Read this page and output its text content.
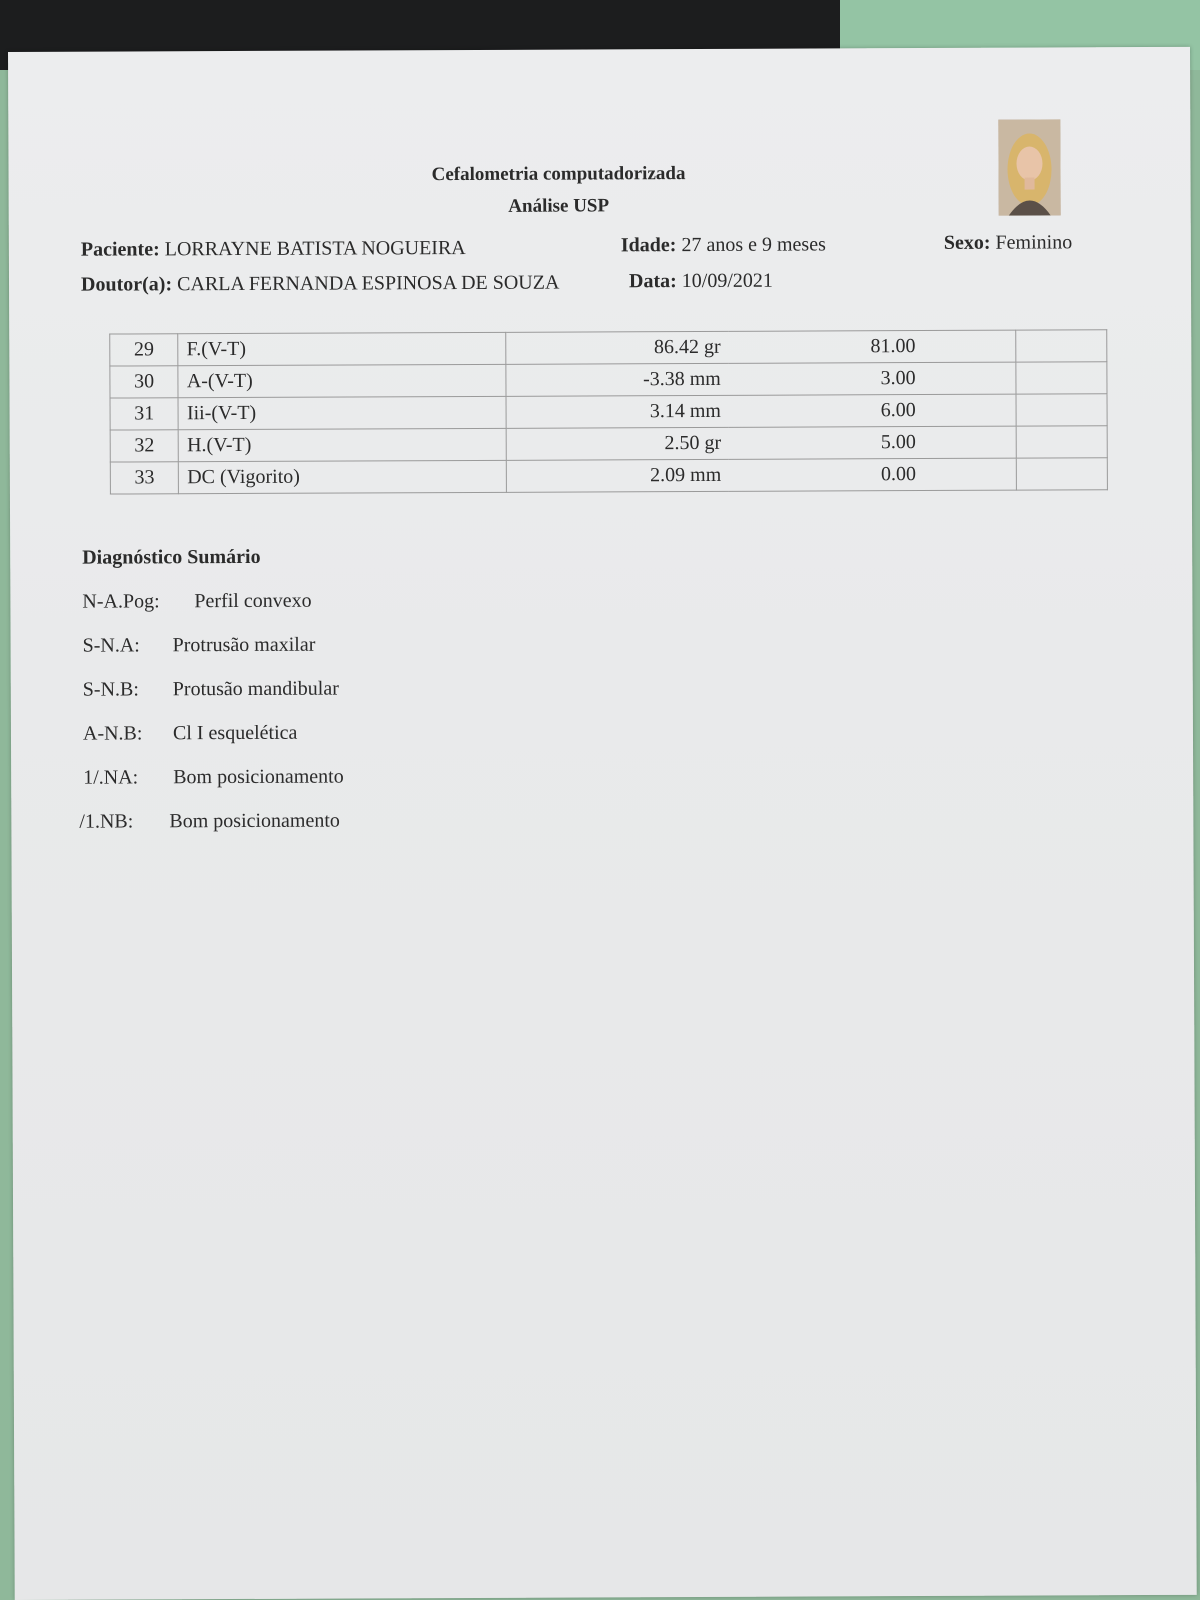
Cefalometria computadorizada
Análise USP
Paciente: LORRAYNE BATISTA NOGUEIRA	Idade: 27 anos e 9 meses	Sexo: Feminino
Doutor(a): CARLA FERNANDA ESPINOSA DE SOUZA	Data: 10/09/2021
29	F.(V-T)	86.42 gr	81.00	
30	A-(V-T)	-3.38 mm	3.00	
31	Iii-(V-T)	3.14 mm	6.00	
32	H.(V-T)	2.50 gr	5.00	
33	DC (Vigorito)	2.09 mm	0.00	
Diagnóstico Sumário
N-A.Pog: Perfil convexo
S-N.A: Protrusão maxilar
S-N.B: Protusão mandibular
A-N.B: Cl I esquelética
1/.NA: Bom posicionamento
/1.NB: Bom posicionamento
